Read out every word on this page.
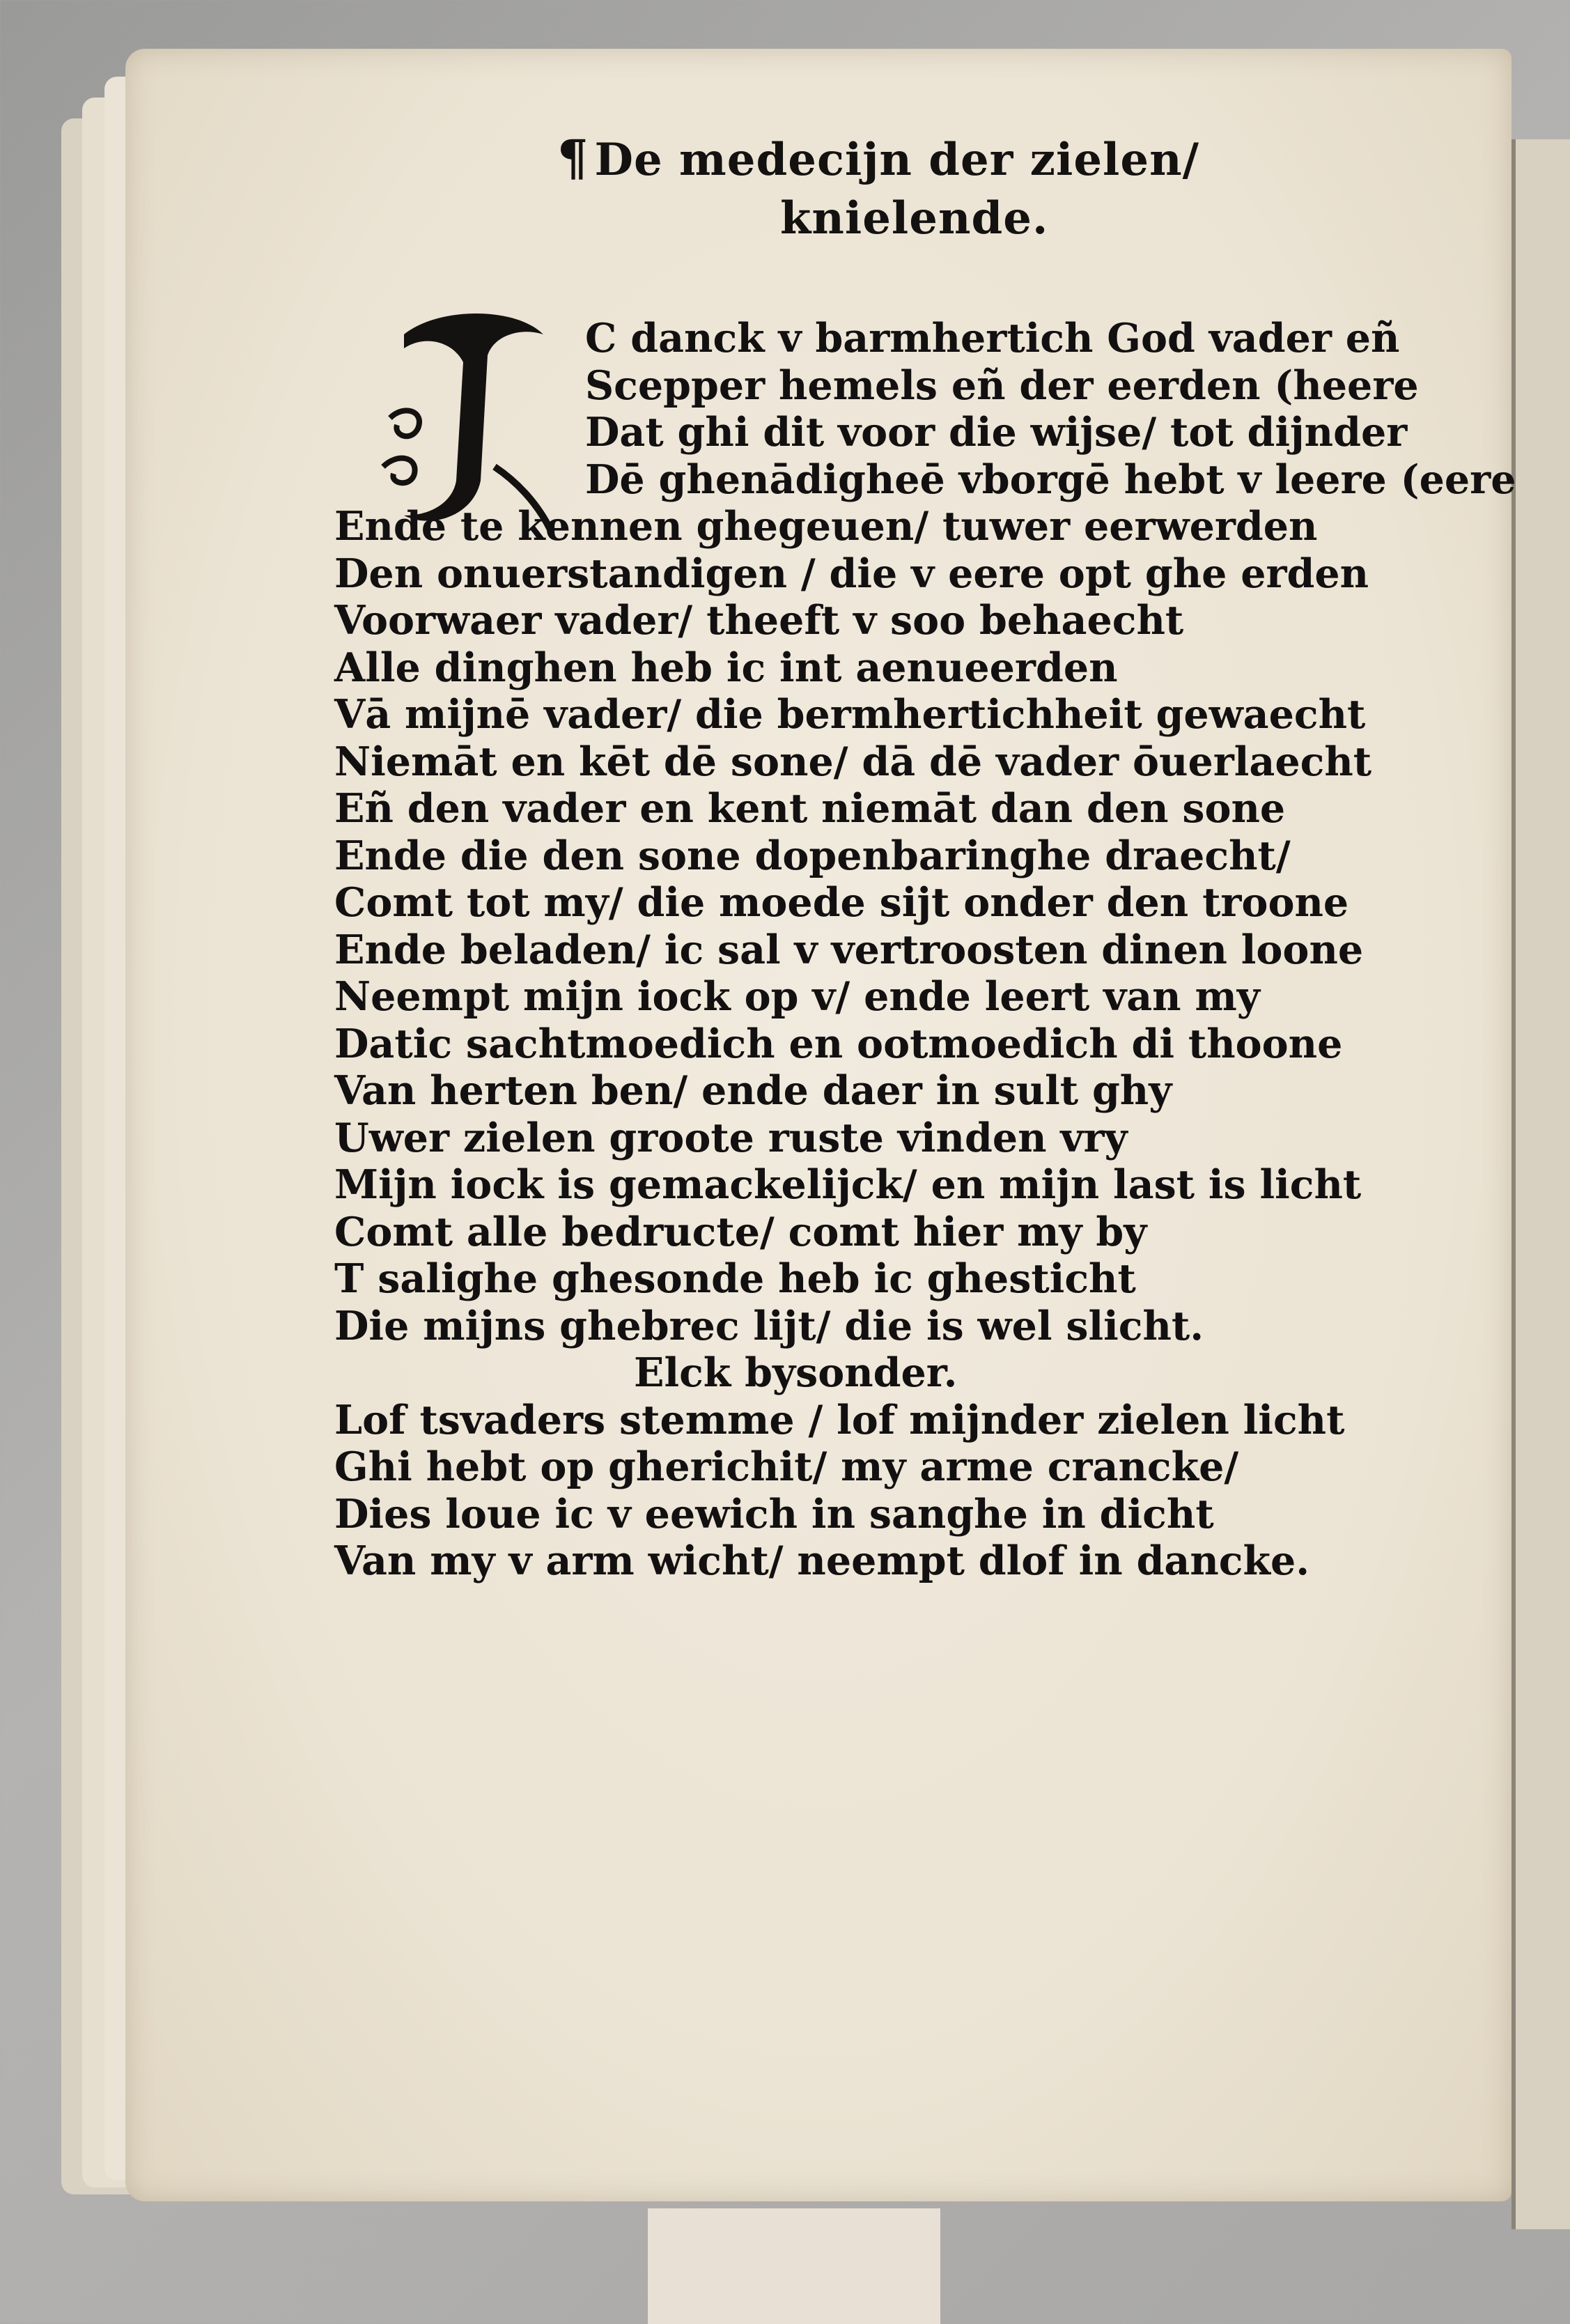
¶ De medecijn der zielen/
knielende.
C danck v barmhertich God vader eñ
Scepper hemels eñ der eerden (heere
Dat ghi dit voor die wijse/ tot dijnder
Dē ghenādigheē vborgē hebt v leere (eere
Ende te kennen ghegeuen/ tuwer eerwerden
Den onuerstandigen / die v eere opt ghe erden
Voorwaer vader/ theeft v soo behaecht
Alle dinghen heb ic int aenueerden
Vā mijnē vader/ die bermhertichheit gewaecht
Niemāt en kēt dē sone/ dā dē vader ōuerlaecht
Eñ den vader en kent niemāt dan den sone
Ende die den sone dopenbaringhe draecht/
Comt tot my/ die moede sijt onder den troone
Ende beladen/ ic sal v vertroosten dinen loone
Neempt mijn iock op v/ ende leert van my
Datic sachtmoedich en ootmoedich di thoone
Van herten ben/ ende daer in sult ghy
Uwer zielen groote ruste vinden vry
Mijn iock is gemackelijck/ en mijn last is licht
Comt alle bedructe/ comt hier my by
T salighe ghesonde heb ic ghesticht
Die mijns ghebrec lijt/ die is wel slicht.
Elck bysonder.
Lof tsvaders stemme / lof mijnder zielen licht
Ghi hebt op gherichit/ my arme crancke/
Dies loue ic v eewich in sanghe in dicht
Van my v arm wicht/ neempt dlof in dancke.
